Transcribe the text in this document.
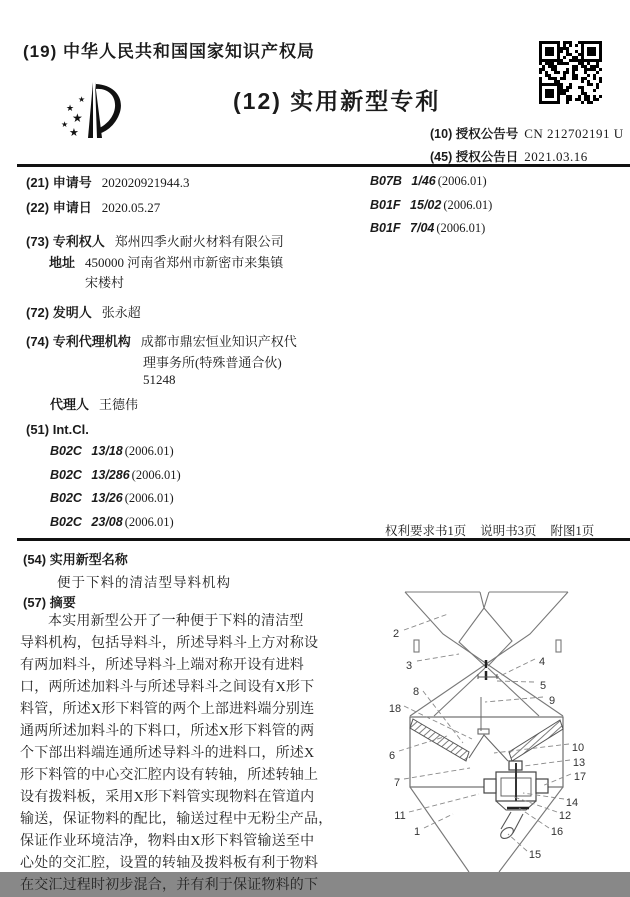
(19) 中华人民共和国国家知识产权局
★
★
★
★
★
(12) 实用新型专利
(10) 授权公告号 CN 212702191 U
(45) 授权公告日 2021.03.16
(21) 申请号 202020921944.3
(22) 申请日 2020.05.27
(73) 专利权人 郑州四季火耐火材料有限公司
地址 450000 河南省郑州市新密市来集镇
宋楼村
(72) 发明人 张永超
(74) 专利代理机构 成都市鼎宏恒业知识产权代
理事务所(特殊普通合伙)
51248
代理人 王德伟
(51) Int.Cl.
B02C 13/18 (2006.01)
B02C 13/286 (2006.01)
B02C 13/26 (2006.01)
B02C 23/08 (2006.01)
B07B 1/46 (2006.01)
B01F 15/02 (2006.01)
B01F 7/04 (2006.01)
权利要求书1页 说明书3页 附图1页
(54) 实用新型名称
便于下料的清洁型导料机构
(57) 摘要
本实用新型公开了一种便于下料的清洁型
导料机构，包括导料斗，所述导料斗上方对称设
有两加料斗，所述导料斗上端对称开设有进料
口，两所述加料斗与所述导料斗之间设有X形下
料管，所述X形下料管的两个上部进料端分别连
通两所述加料斗的下料口，所述X形下料管的两
个下部出料端连通所述导料斗的进料口，所述X
形下料管的中心交汇腔内设有转轴，所述转轴上
设有拨料板，采用X形下料管实现物料在管道内
输送，保证物料的配比，输送过程中无粉尘产品，
保证作业环境洁净，物料由X形下料管输送至中
心处的交汇腔，设置的转轴及拨料板有利于物料
在交汇过程时初步混合，并有利于保证物料的下
2
3	4
5
8
9
18
6
10
13
17
7
14
11	12
1	16
15
